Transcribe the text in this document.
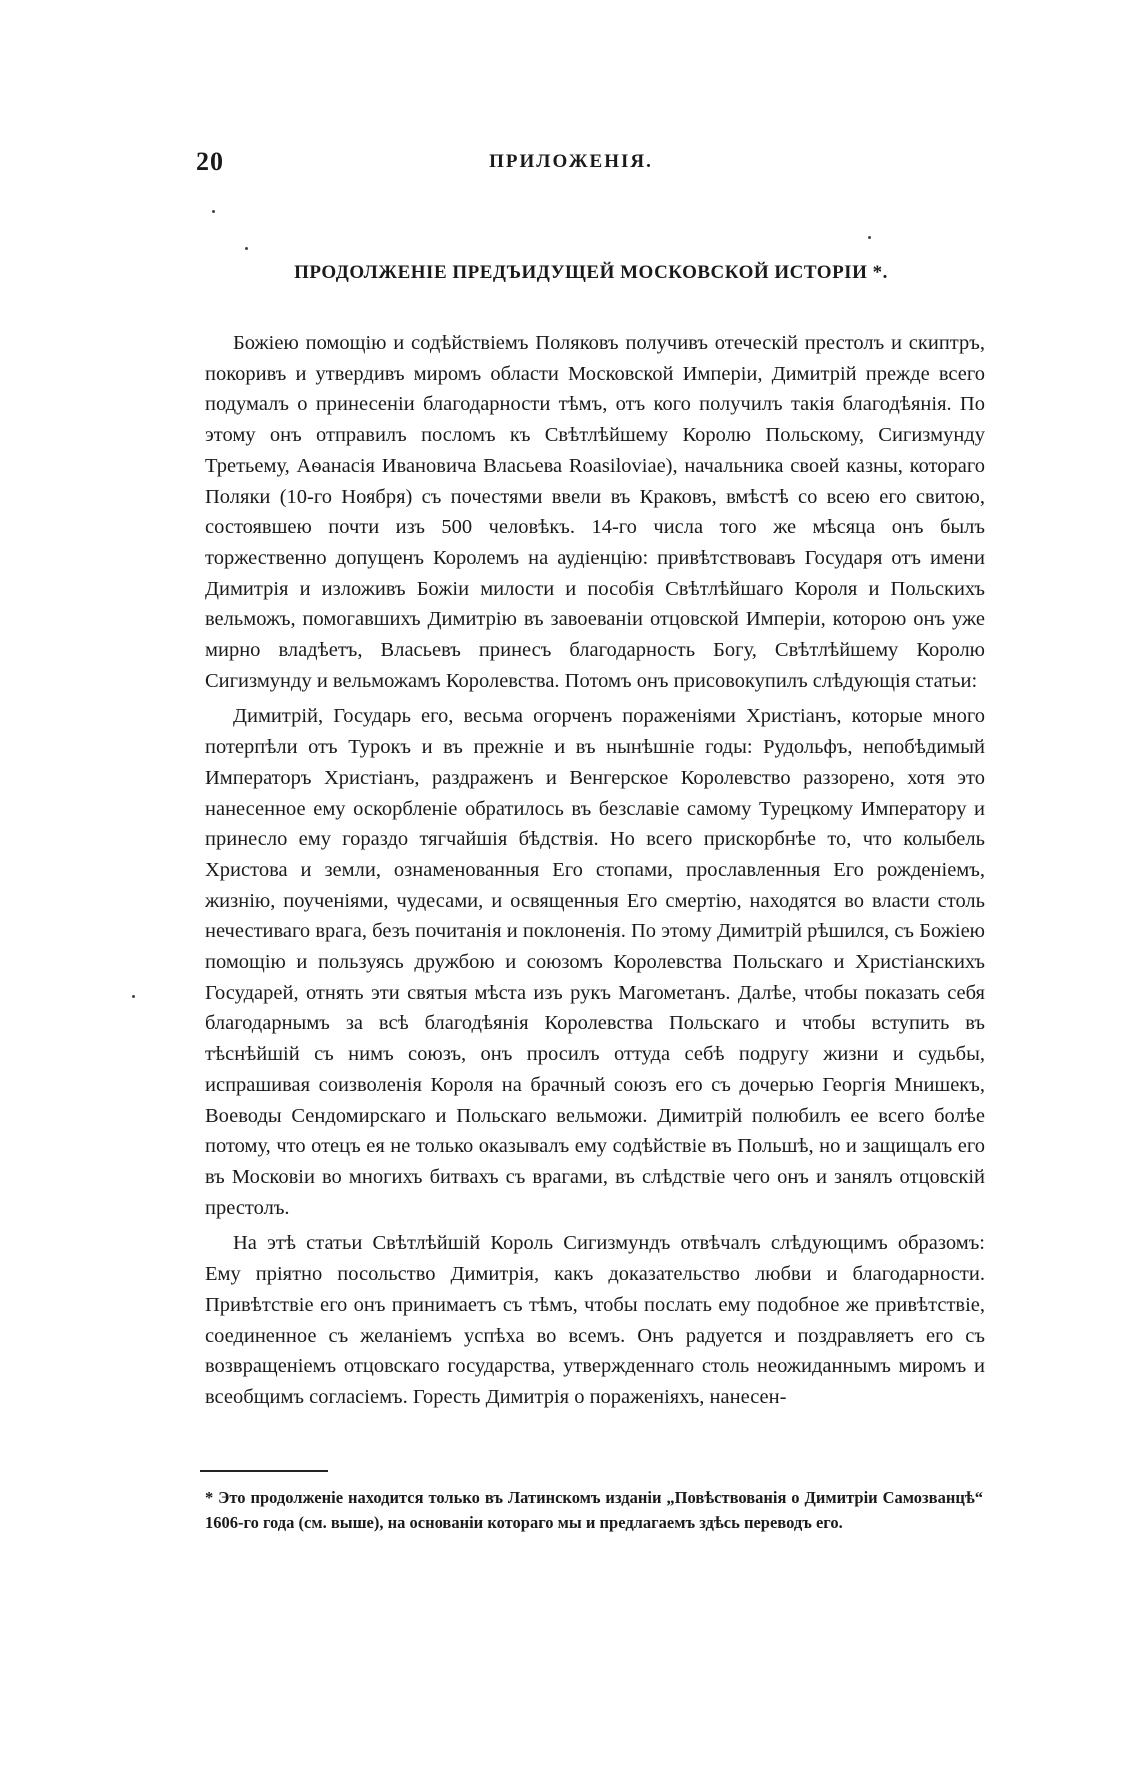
20	ПРИЛОЖЕНІЯ.
ПРОДОЛЖЕНІЕ ПРЕДЪИДУЩЕЙ МОСКОВСКОЙ ИСТОРІИ *.

Божіею помощію и содѣйствіемъ Поляковъ получивъ отеческій престолъ и скиптръ, покоривъ и утвердивъ миромъ области Московской Имперіи, Димитрій прежде всего подумалъ о принесеніи благодарности тѣмъ, отъ кого получилъ такія благодѣянія. По этому онъ отправилъ посломъ къ Свѣтлѣйшему Королю Польскому, Сигизмунду Третьему, Аѳанасія Ивановича Власьева Roasiloviae), начальника своей казны, котораго Поляки (10-го Ноября) съ почестями ввели въ Краковъ, вмѣстѣ со всею его свитою, состоявшею почти изъ 500 человѣкъ. 14-го числа того же мѣсяца онъ былъ торжественно допущенъ Королемъ на аудіенцію: привѣтствовавъ Государя отъ имени Димитрія и изложивъ Божіи милости и пособія Свѣтлѣйшаго Короля и Польскихъ вельможъ, помогавшихъ Димитрію въ завоеваніи отцовской Имперіи, которою онъ уже мирно владѣетъ, Власьевъ принесъ благодарность Богу, Свѣтлѣйшему Королю Сигизмунду и вельможамъ Королевства. Потомъ онъ присовокупилъ слѣдующія статьи:

Димитрій, Государь его, весьма огорченъ пораженіями Христіанъ, которые много потерпѣли отъ Турокъ и въ прежніе и въ нынѣшніе годы: Рудольфъ, непобѣдимый Императоръ Христіанъ, раздраженъ и Венгерское Королевство раззорено, хотя это нанесенное ему оскорбленіе обратилось въ безславіе самому Турецкому Императору и принесло ему гораздо тягчайшія бѣдствія. Но всего прискорбнѣе то, что колыбель Христова и земли, ознаменованныя Его стопами, прославленныя Его рожденіемъ, жизнію, поученіями, чудесами, и освященныя Его смертію, находятся во власти столь нечестиваго врага, безъ почитанія и поклоненія. По этому Димитрій рѣшился, съ Божіею помощію и пользуясь дружбою и союзомъ Королевства Польскаго и Христіанскихъ Государей, отнять эти святыя мѣста изъ рукъ Магометанъ. Далѣе, чтобы показать себя благодарнымъ за всѣ благодѣянія Королевства Польскаго и чтобы вступить въ тѣснѣйшій съ нимъ союзъ, онъ просилъ оттуда себѣ подругу жизни и судьбы, испрашивая соизволенія Короля на брачный союзъ его съ дочерью Георгія Мнишекъ, Воеводы Сендомирскаго и Польскаго вельможи. Димитрій полюбилъ ее всего болѣе потому, что отецъ ея не только оказывалъ ему содѣйствіе въ Польшѣ, но и защищалъ его въ Московіи во многихъ битвахъ съ врагами, въ слѣдствіе чего онъ и занялъ отцовскій престолъ.

На этѣ статьи Свѣтлѣйшій Король Сигизмундъ отвѣчалъ слѣдующимъ образомъ: Ему пріятно посольство Димитрія, какъ доказательство любви и благодарности. Привѣтствіе его онъ принимаетъ съ тѣмъ, чтобы послать ему подобное же привѣтствіе, соединенное съ желаніемъ успѣха во всемъ. Онъ радуется и поздравляетъ его съ возвращеніемъ отцовскаго государства, утвержденнаго столь неожиданнымъ миромъ и всеобщимъ согласіемъ. Горесть Димитрія о пораженіяхъ, нанесен-

* Это продолженіе находится только въ Латинскомъ изданіи „Повѣствованія о Димитріи Самозванцѣ“ 1606-го года (см. выше), на основаніи котораго мы и предлагаемъ здѣсь переводъ его.
